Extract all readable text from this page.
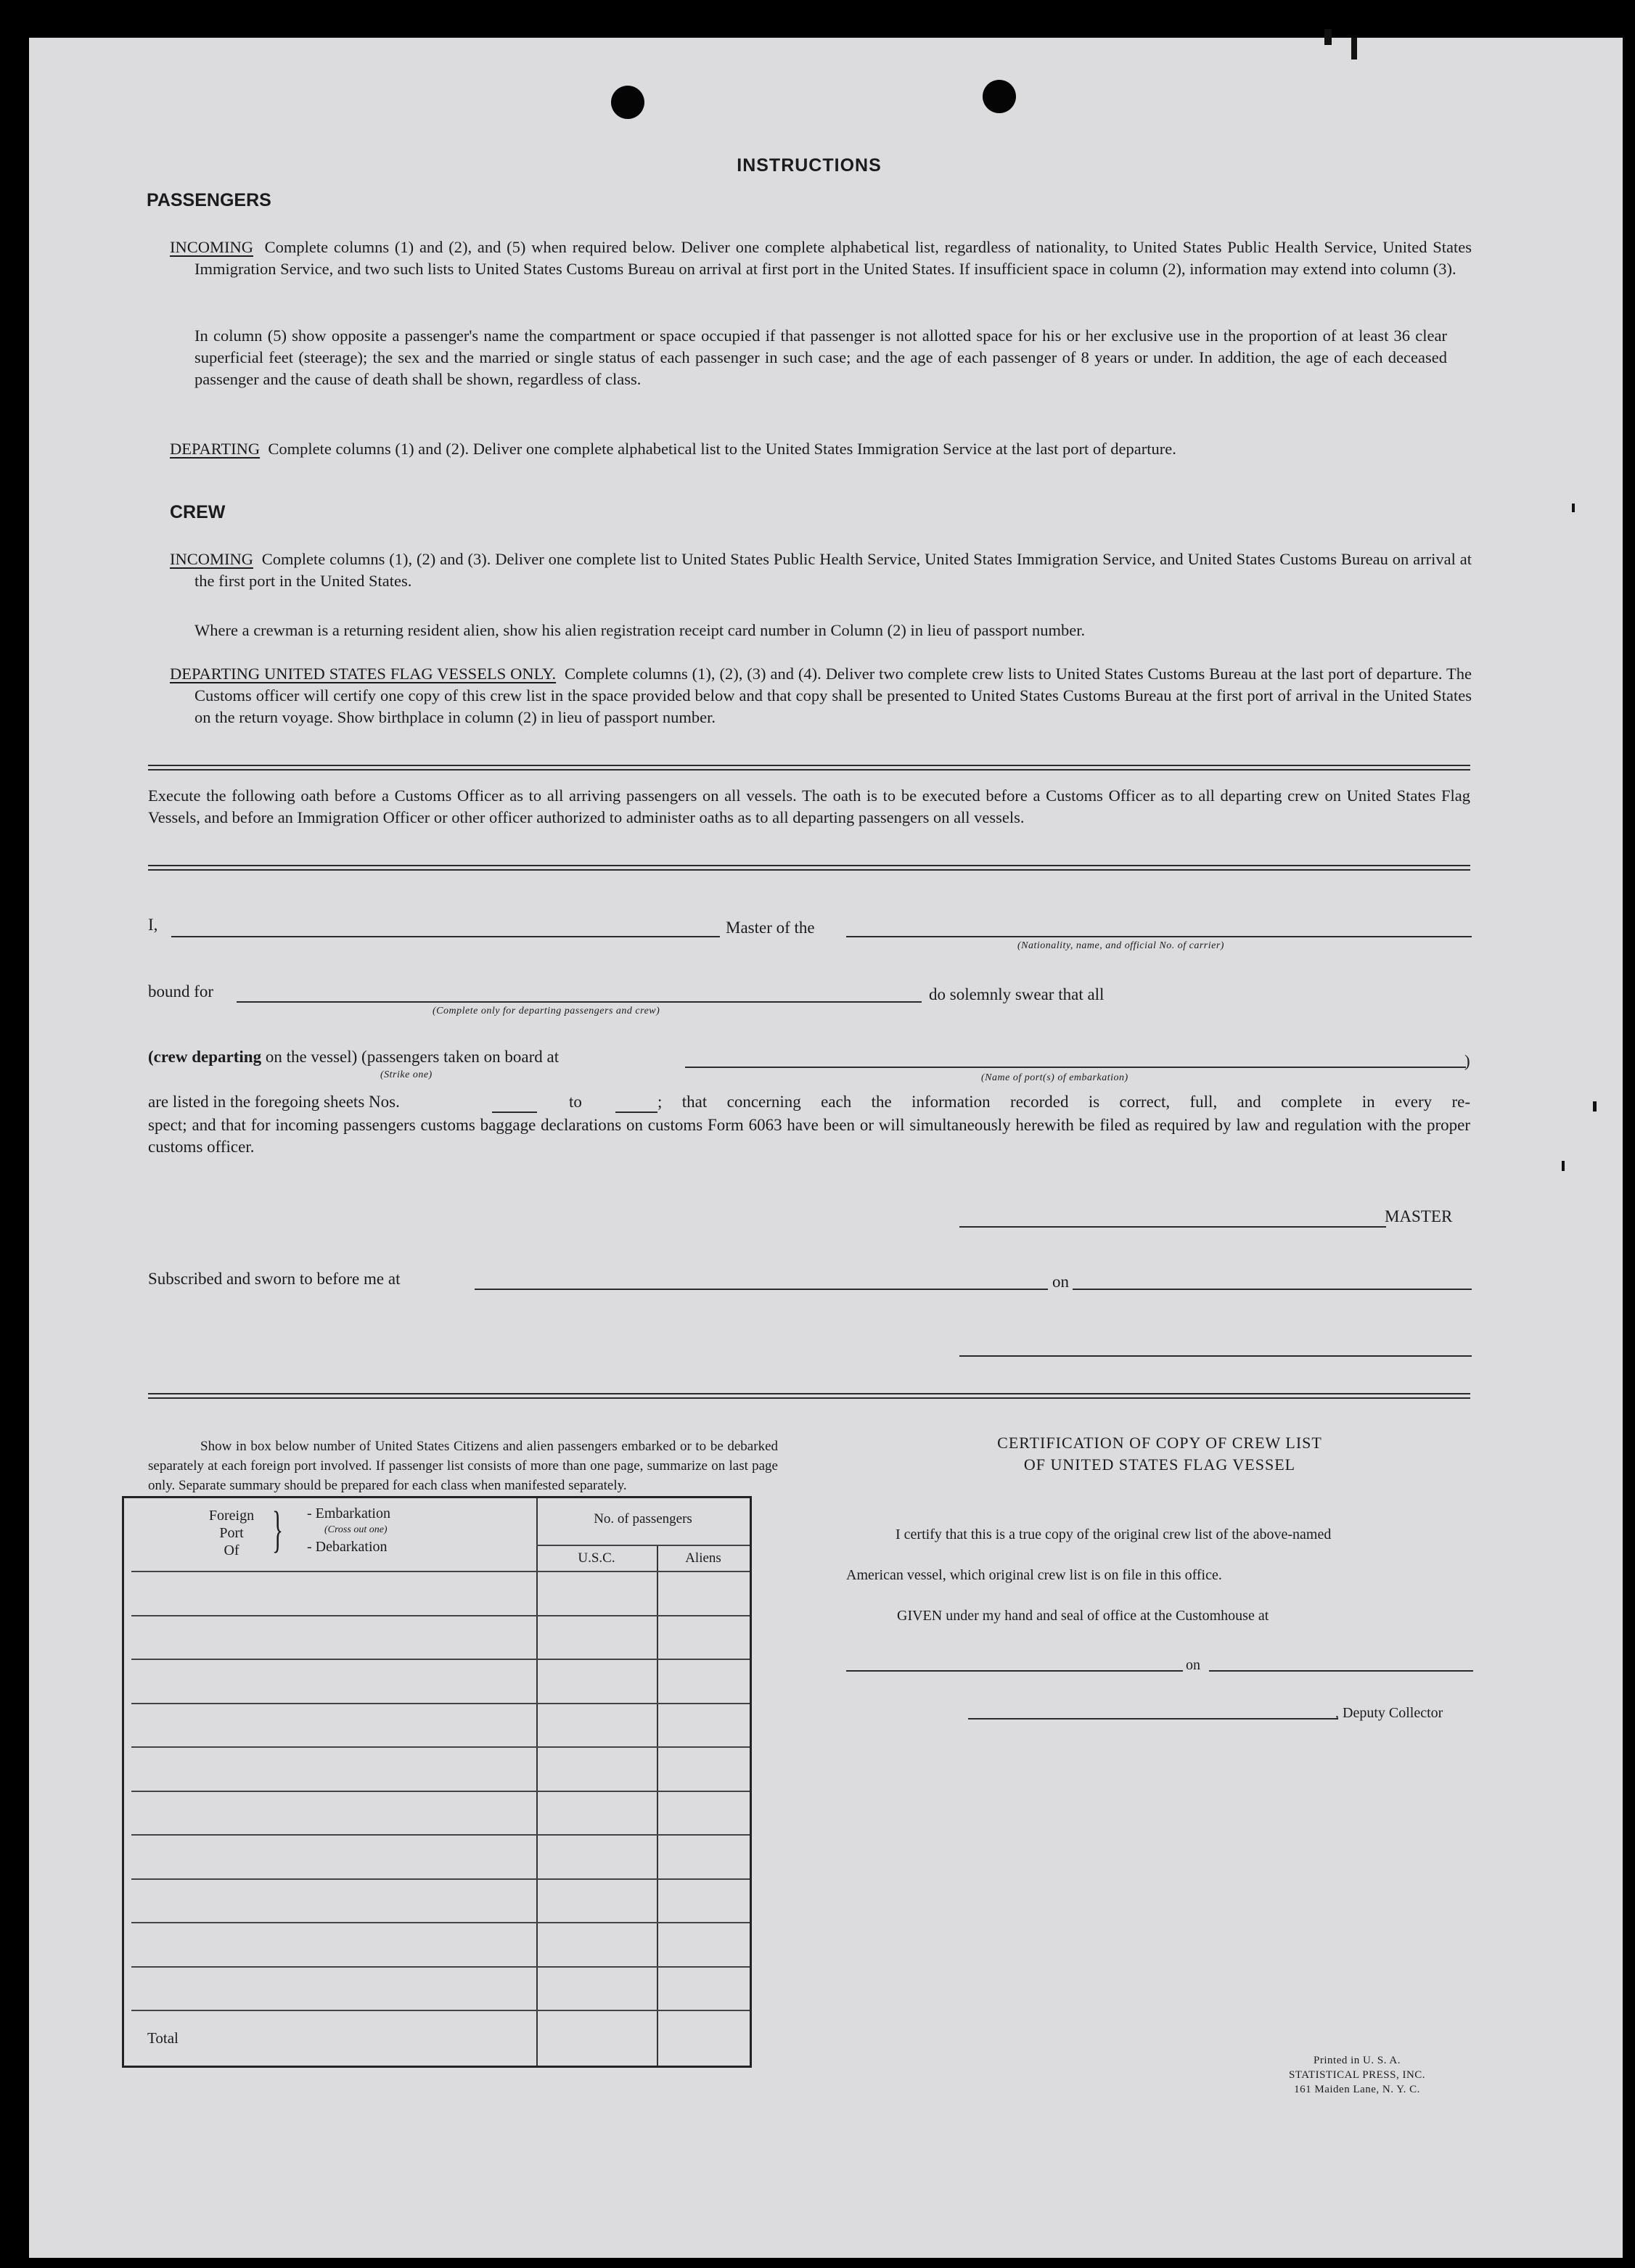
INSTRUCTIONS
PASSENGERS
INCOMING Complete columns (1) and (2), and (5) when required below. Deliver one complete alphabetical list, regardless of nationality, to United States Public Health Service, United States Immigration Service, and two such lists to United States Customs Bureau on arrival at first port in the United States. If insufficient space in column (2), information may extend into column (3).
In column (5) show opposite a passenger's name the compartment or space occupied if that passenger is not allotted space for his or her exclusive use in the proportion of at least 36 clear superficial feet (steerage); the sex and the married or single status of each passenger in such case; and the age of each passenger of 8 years or under. In addition, the age of each deceased passenger and the cause of death shall be shown, regardless of class.
DEPARTING Complete columns (1) and (2). Deliver one complete alphabetical list to the United States Immigration Service at the last port of departure.
CREW
INCOMING Complete columns (1), (2) and (3). Deliver one complete list to United States Public Health Service, United States Immigration Service, and United States Customs Bureau on arrival at the first port in the United States.
Where a crewman is a returning resident alien, show his alien registration receipt card number in Column (2) in lieu of passport number.
DEPARTING UNITED STATES FLAG VESSELS ONLY. Complete columns (1), (2), (3) and (4). Deliver two complete crew lists to United States Customs Bureau at the last port of departure. The Customs officer will certify one copy of this crew list in the space provided below and that copy shall be presented to United States Customs Bureau at the first port of arrival in the United States on the return voyage. Show birthplace in column (2) in lieu of passport number.
Execute the following oath before a Customs Officer as to all arriving passengers on all vessels. The oath is to be executed before a Customs Officer as to all departing crew on United States Flag Vessels, and before an Immigration Officer or other officer authorized to administer oaths as to all departing passengers on all vessels.
I,	Master of the
(Nationality, name, and official No. of carrier)
bound for
(Complete only for departing passengers and crew)
do solemnly swear that all
(crew departing on the vessel) (passengers taken on board at	)
(Strike one)	(Name of port(s) of embarkation)
are listed in the foregoing sheets Nos.	to	; that concerning each the information recorded is correct, full, and complete in every re-
spect; and that for incoming passengers customs baggage declarations on customs Form 6063 have been or will simultaneously herewith be filed as required by law and regulation with the proper customs officer.
MASTER
Subscribed and sworn to before me at	on
Show in box below number of United States Citizens and alien passengers embarked or to be debarked separately at each foreign port involved. If passenger list consists of more than one page, summarize on last page only. Separate summary should be prepared for each class when manifested separately.
Foreign
Port
Of } - Embarkation
(Cross out one)
- Debarkation
No. of passengers
U.S.C.	Aliens
Total
CERTIFICATION OF COPY OF CREW LIST
OF UNITED STATES FLAG VESSEL
I certify that this is a true copy of the original crew list of the above-named
American vessel, which original crew list is on file in this office.
GIVEN under my hand and seal of office at the Customhouse at
on
, Deputy Collector
Printed in U. S. A.
STATISTICAL PRESS, INC.
161 Maiden Lane, N. Y. C.
